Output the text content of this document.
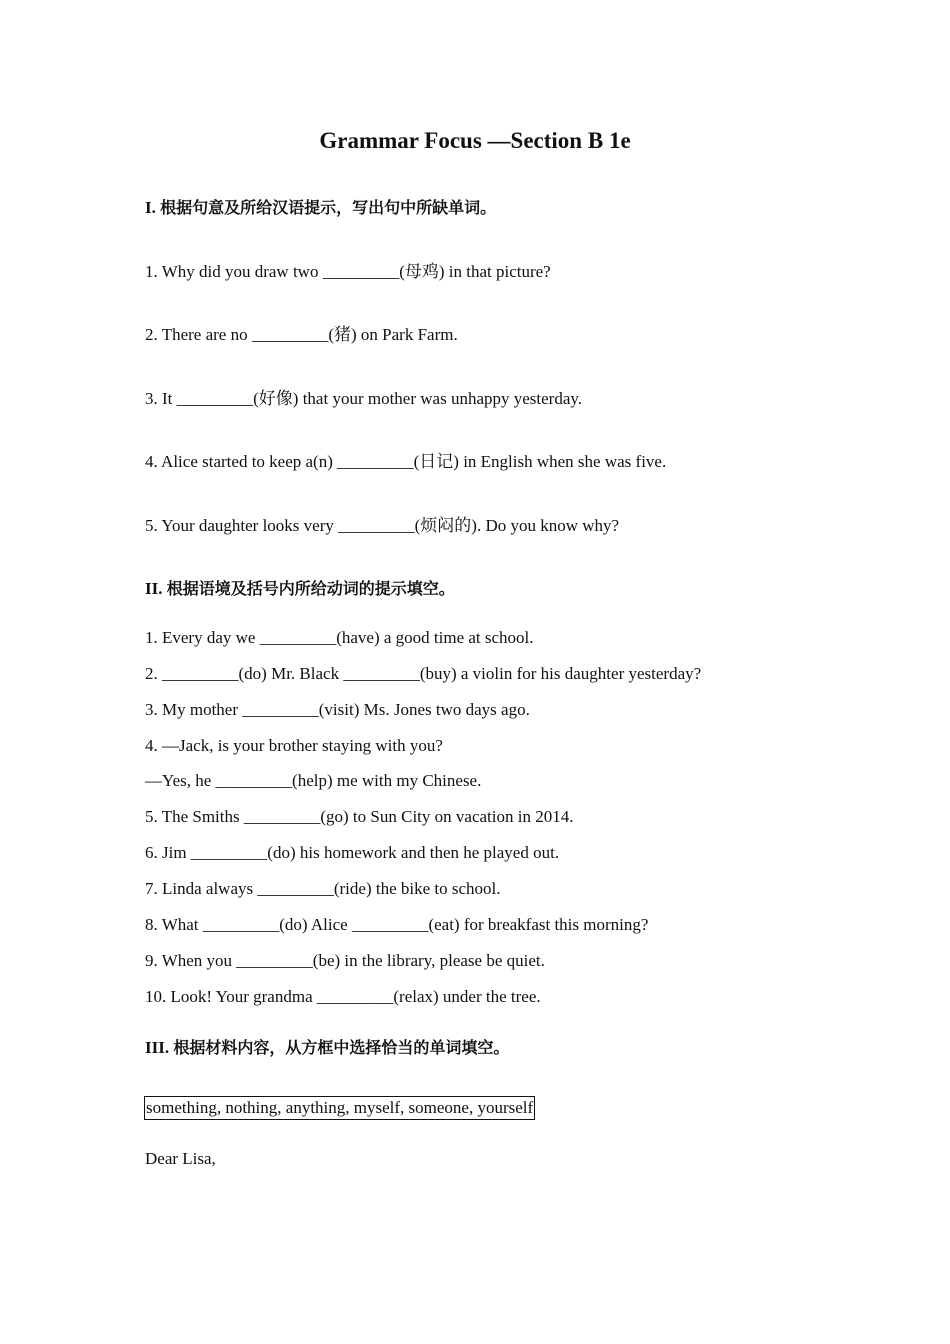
Grammar Focus —Section B 1e
I. 根据句意及所给汉语提示，写出句中所缺单词。
1. Why did you draw two _________(母鸡) in that picture?
2. There are no _________(猪) on Park Farm.
3. It _________(好像) that your mother was unhappy yesterday.
4. Alice started to keep a(n) _________(日记) in English when she was five.
5. Your daughter looks very _________(烦闷的). Do you know why?
II. 根据语境及括号内所给动词的提示填空。
1. Every day we _________(have) a good time at school.
2. _________(do) Mr. Black _________(buy) a violin for his daughter yesterday?
3. My mother _________(visit) Ms. Jones two days ago.
4. —Jack, is your brother staying with you?
—Yes, he _________(help) me with my Chinese.
5. The Smiths _________(go) to Sun City on vacation in 2014.
6. Jim _________(do) his homework and then he played out.
7. Linda always _________(ride) the bike to school.
8. What _________(do) Alice _________(eat) for breakfast this morning?
9. When you _________(be) in the library, please be quiet.
10. Look! Your grandma _________(relax) under the tree.
III. 根据材料内容，从方框中选择恰当的单词填空。
something, nothing, anything, myself, someone, yourself
Dear Lisa,
